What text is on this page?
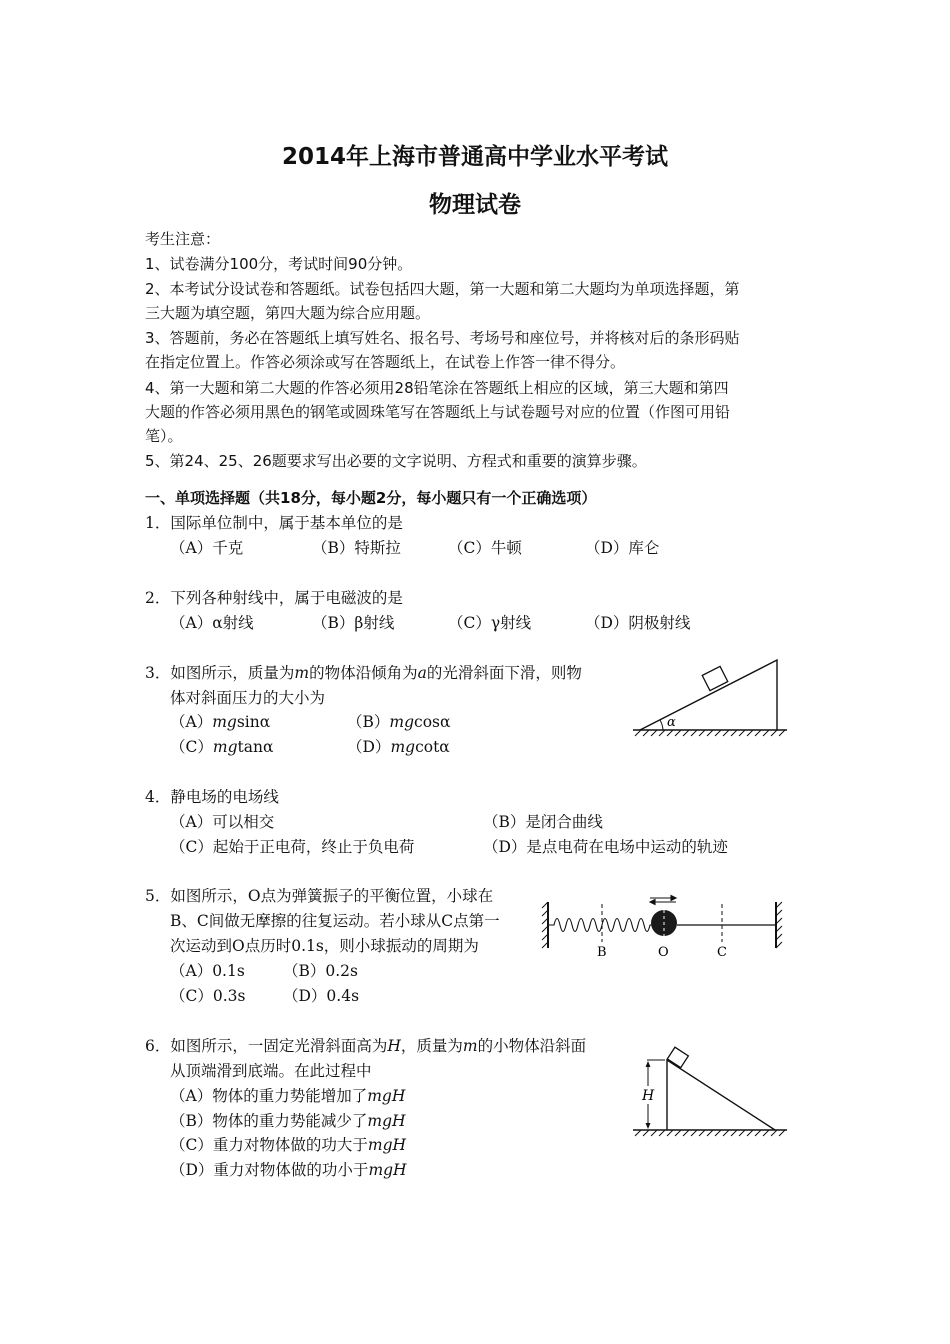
2014年上海市普通高中学业水平考试
物理试卷
考生注意：
1、试卷满分100分，考试时间90分钟。
2、本考试分设试卷和答题纸。试卷包括四大题，第一大题和第二大题均为单项选择题，第
三大题为填空题，第四大题为综合应用题。
3、答题前，务必在答题纸上填写姓名、报名号、考场号和座位号，并将核对后的条形码贴
在指定位置上。作答必须涂或写在答题纸上，在试卷上作答一律不得分。
4、第一大题和第二大题的作答必须用28铅笔涂在答题纸上相应的区域，第三大题和第四
大题的作答必须用黑色的钢笔或圆珠笔写在答题纸上与试卷题号对应的位置（作图可用铅
笔）。
5、第24、25、26题要求写出必要的文字说明、方程式和重要的演算步骤。
一、单项选择题（共18分，每小题2分，每小题只有一个正确选项）
1．国际单位制中，属于基本单位的是
（A）千克	（B）特斯拉	（C）牛顿	（D）库仑
2．下列各种射线中，属于电磁波的是
（A）α射线	（B）β射线	（C）γ射线	（D）阴极射线
3．如图所示，质量为m的物体沿倾角为a的光滑斜面下滑，则物
体对斜面压力的大小为
（A）mgsinα	（B）mgcosα
（C）mgtanα	（D）mgcotα
α
4．静电场的电场线
（A）可以相交	（B）是闭合曲线
（C）起始于正电荷，终止于负电荷	（D）是点电荷在电场中运动的轨迹
5．如图所示，O点为弹簧振子的平衡位置，小球在
B、C间做无摩擦的往复运动。若小球从C点第一
次运动到O点历时0.1s，则小球振动的周期为
（A）0.1s （B）0.2s
（C）0.3s （D）0.4s
B	O	C
6．如图所示，一固定光滑斜面高为H，质量为m的小物体沿斜面
从顶端滑到底端。在此过程中
（A）物体的重力势能增加了mgH
（B）物体的重力势能减少了mgH
（C）重力对物体做的功大于mgH
（D）重力对物体做的功小于mgH
H
